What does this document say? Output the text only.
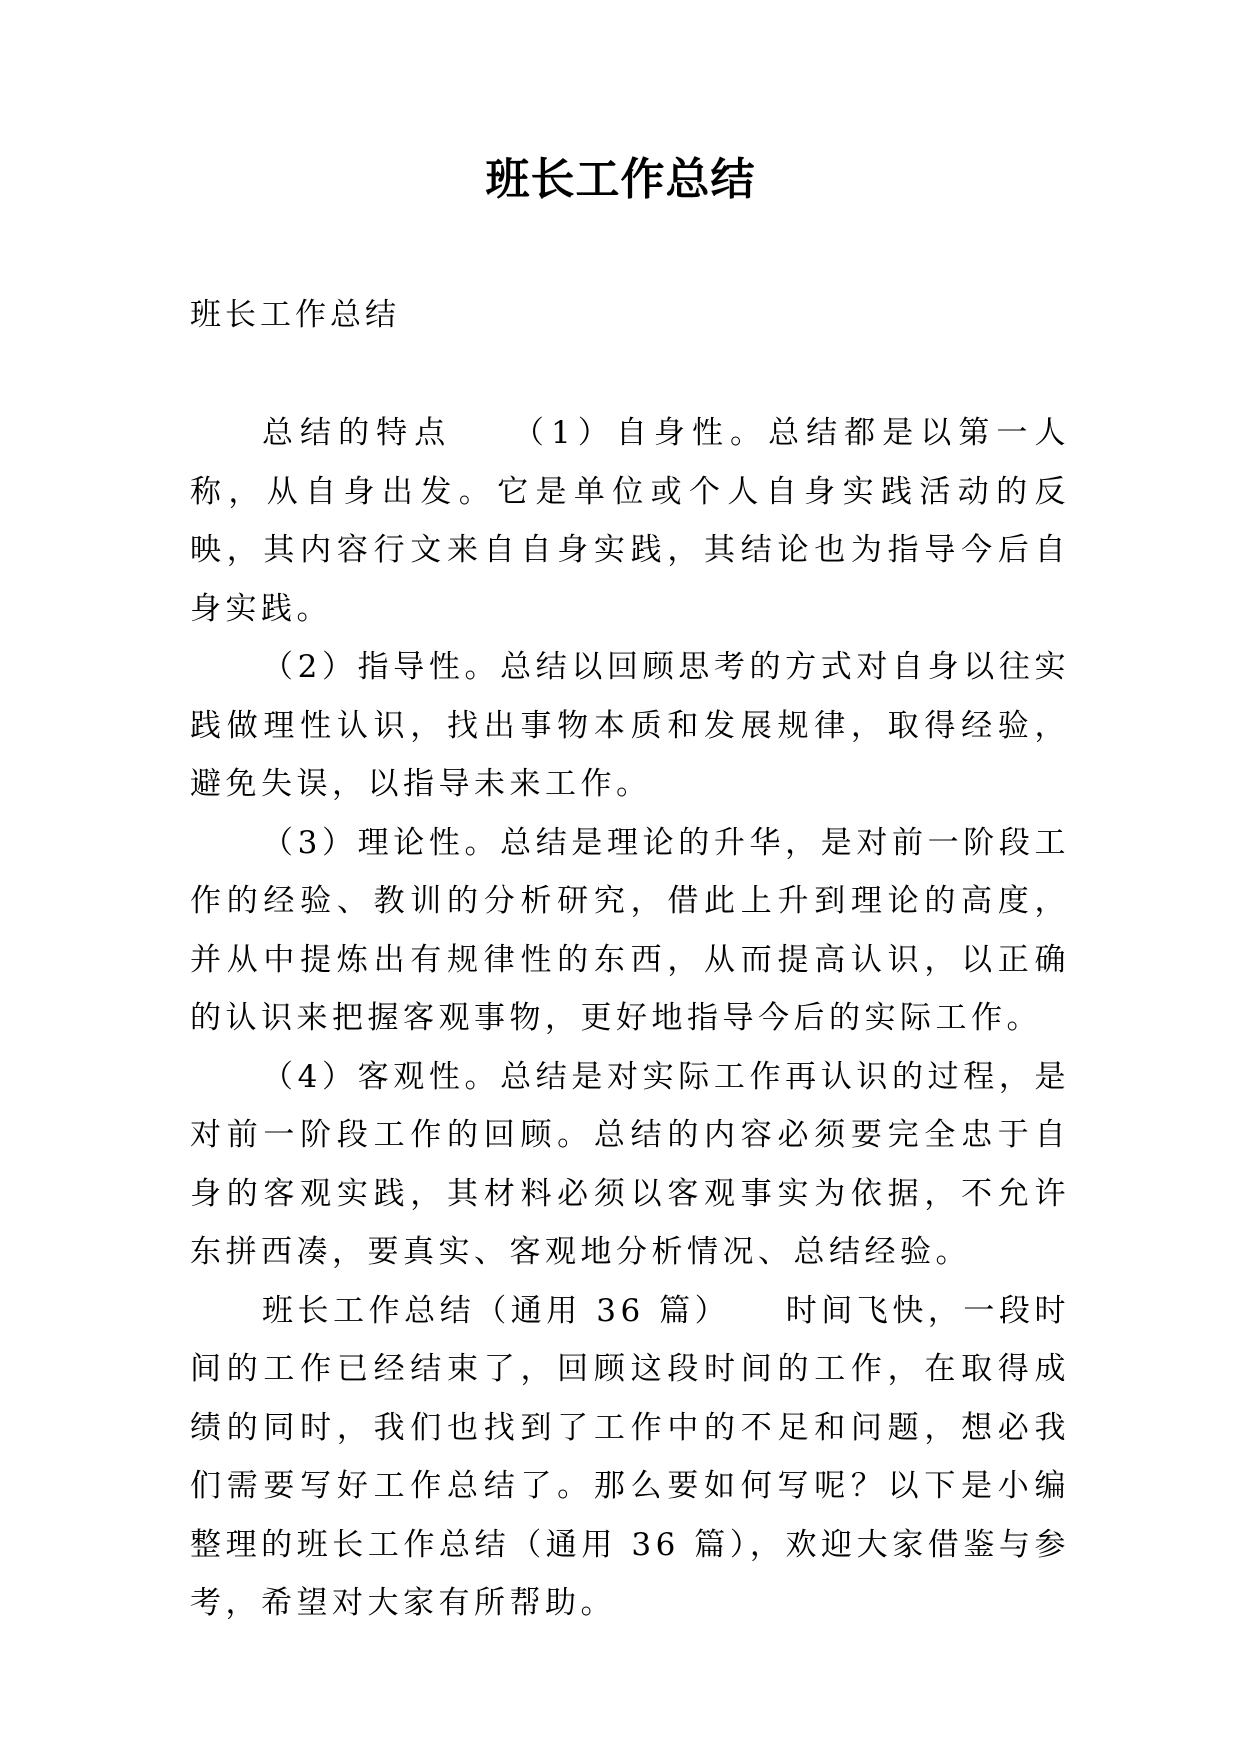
班长工作总结
班长工作总结

总结的特点　　（1）自身性。总结都是以第一人称，从自身出发。它是单位或个人自身实践活动的反映，其内容行文来自自身实践，其结论也为指导今后自身实践。

（2）指导性。总结以回顾思考的方式对自身以往实践做理性认识，找出事物本质和发展规律，取得经验，避免失误，以指导未来工作。

（3）理论性。总结是理论的升华，是对前一阶段工作的经验、教训的分析研究，借此上升到理论的高度，并从中提炼出有规律性的东西，从而提高认识，以正确的认识来把握客观事物，更好地指导今后的实际工作。

（4）客观性。总结是对实际工作再认识的过程，是对前一阶段工作的回顾。总结的内容必须要完全忠于自身的客观实践，其材料必须以客观事实为依据，不允许东拼西凑，要真实、客观地分析情况、总结经验。

班长工作总结（通用 36 篇）　　时间飞快，一段时间的工作已经结束了，回顾这段时间的工作，在取得成绩的同时，我们也找到了工作中的不足和问题，想必我们需要写好工作总结了。那么要如何写呢？以下是小编整理的班长工作总结（通用 36 篇），欢迎大家借鉴与参考，希望对大家有所帮助。
